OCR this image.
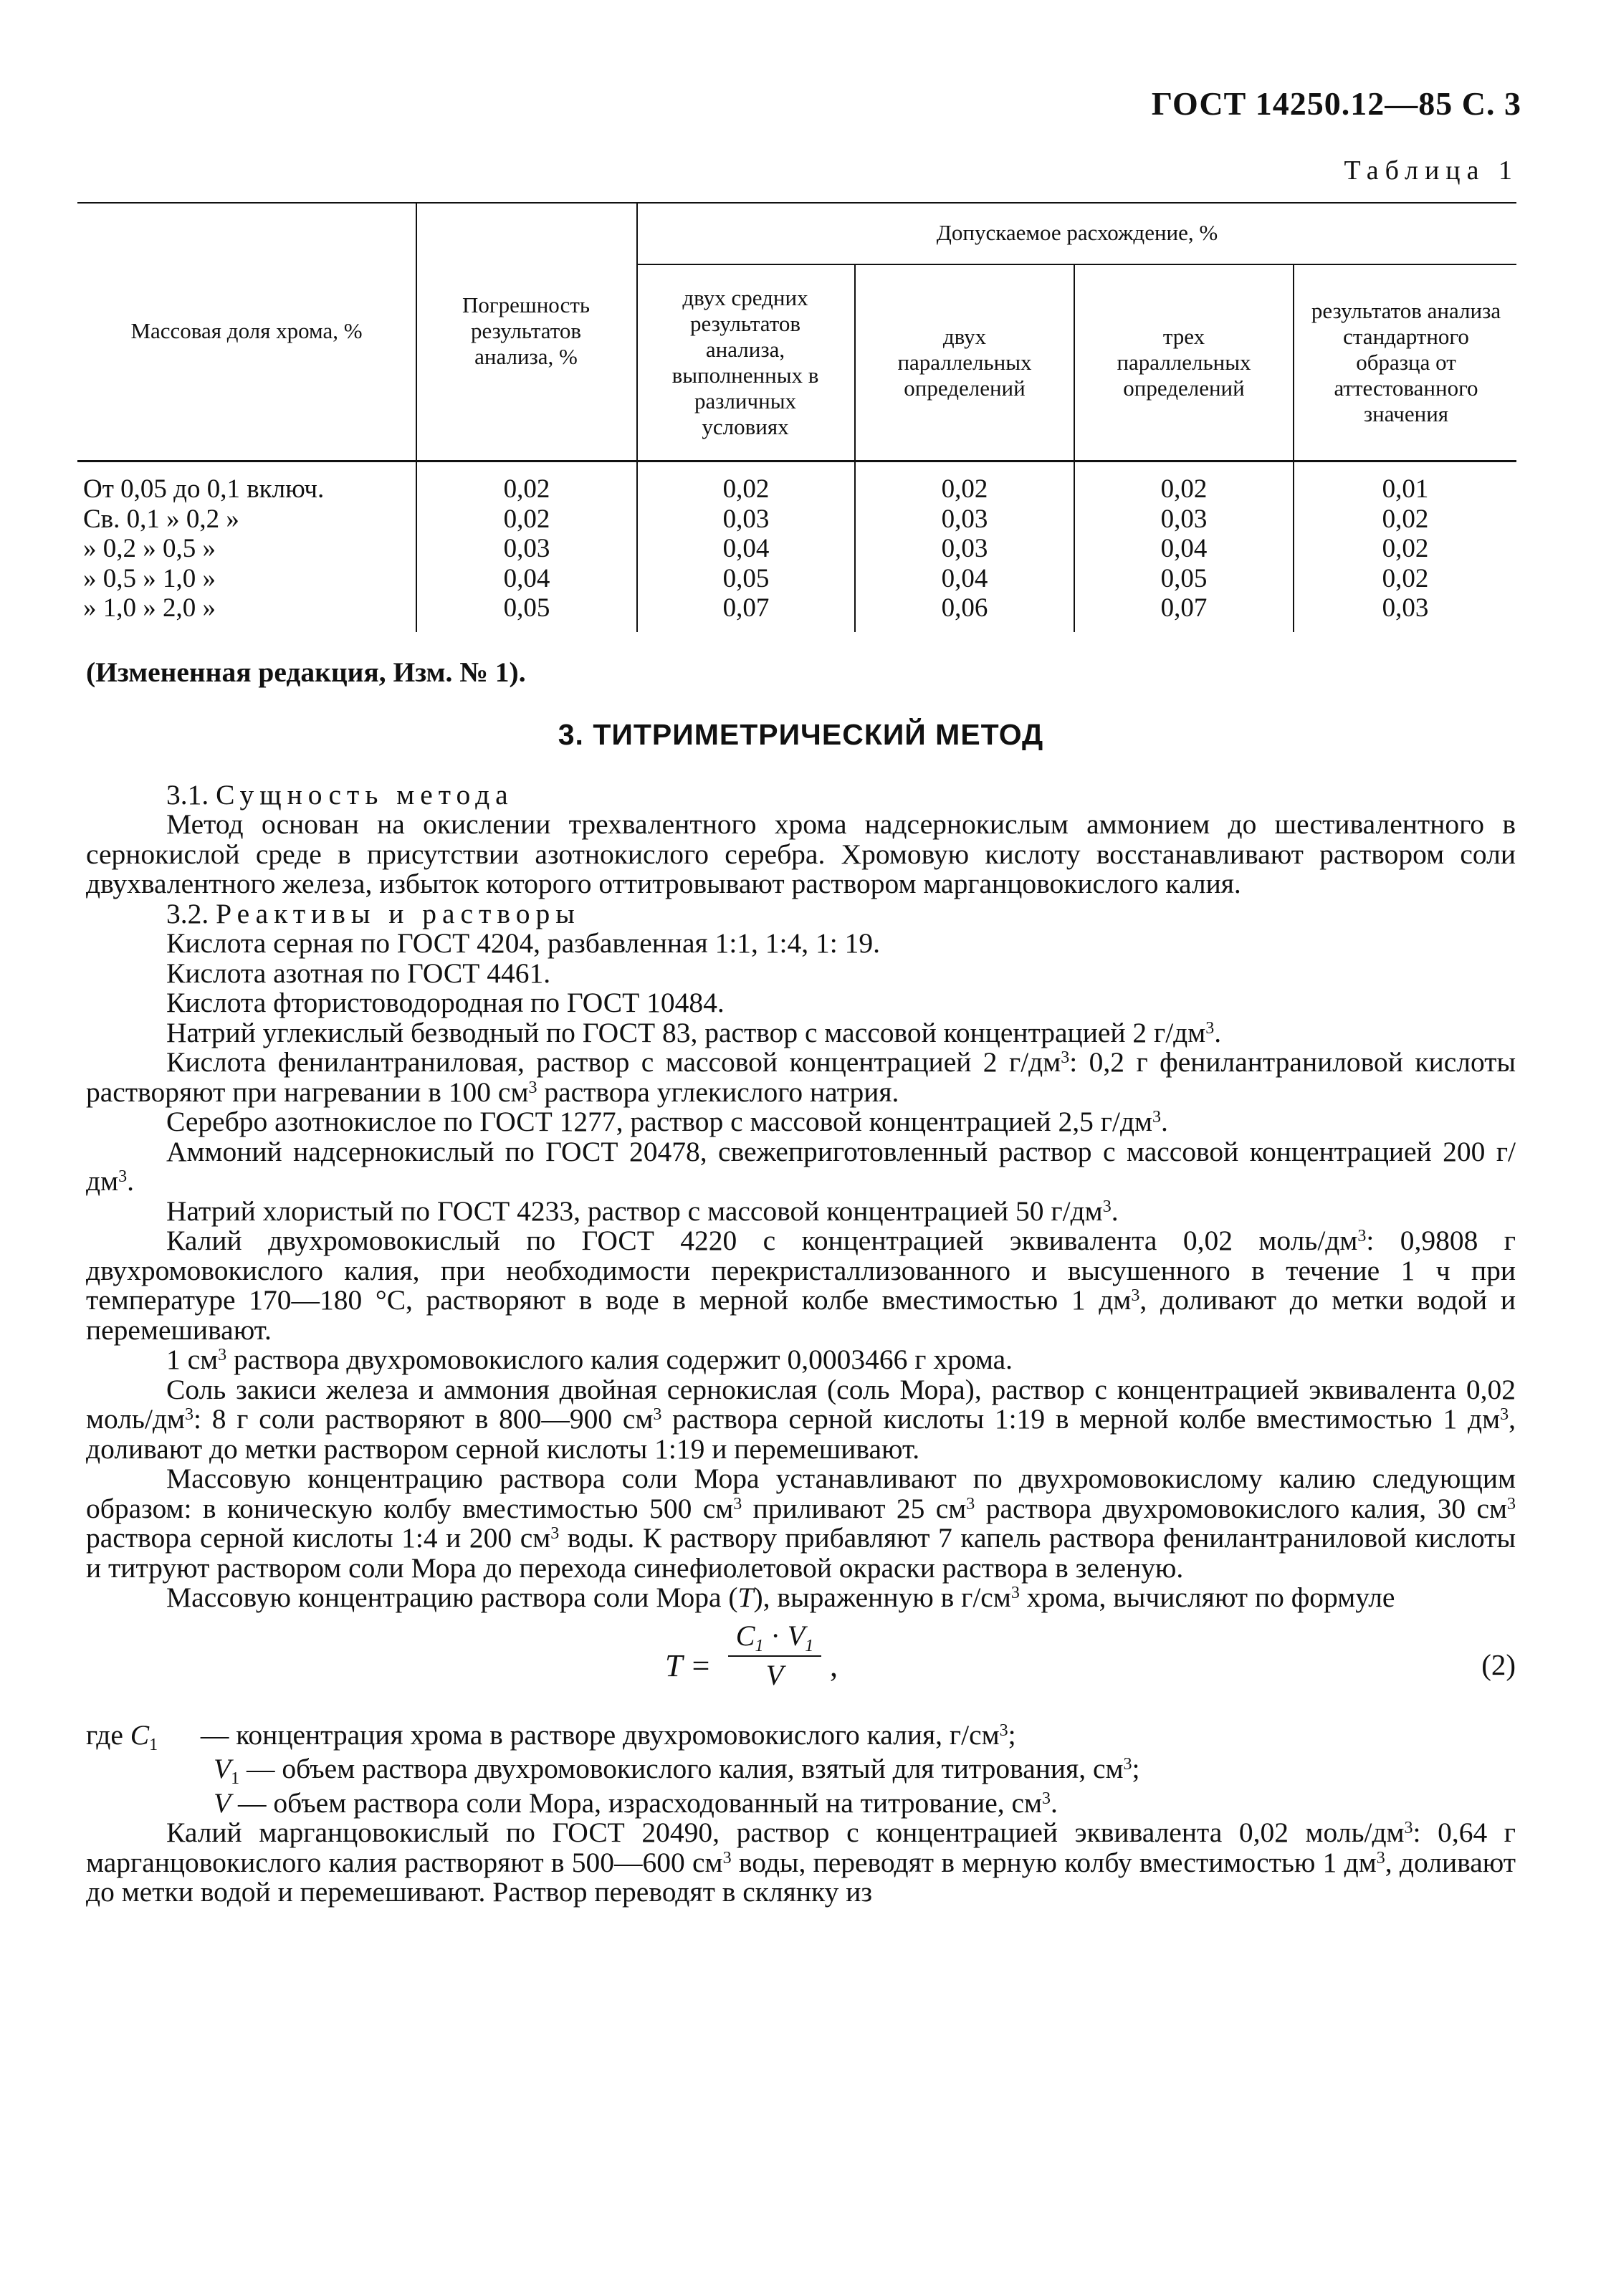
ГОСТ 14250.12—85 С. 3
Таблица 1
Допускаемое расхождение, %
Массовая доля хрома, %
Погрешность результатов анализа, %
двух средних результатов анализа, выполненных в различных условиях
двух параллельных определений
трех параллельных определений
результатов анализа стандартного образца от аттестованного значения
От 0,05 до 0,1 включ.	0,02	0,02	0,02	0,02	0,01
Св. 0,1 » 0,2 »	0,02	0,03	0,03	0,03	0,02
» 0,2 » 0,5 »	0,03	0,04	0,03	0,04	0,02
» 0,5 » 1,0 »	0,04	0,05	0,04	0,05	0,02
» 1,0 » 2,0 »	0,05	0,07	0,06	0,07	0,03

(Измененная редакция, Изм. № 1).

3. ТИТРИМЕТРИЧЕСКИЙ МЕТОД

3.1. Сущность метода

Метод основан на окислении трехвалентного хрома надсернокислым аммонием до шестивалентного в сернокислой среде в присутствии азотнокислого серебра. Хромовую кислоту восстанавливают раствором соли двухвалентного железа, избыток которого оттитровывают раствором марганцовокислого калия.

3.2. Реактивы и растворы

Кислота серная по ГОСТ 4204, разбавленная 1:1, 1:4, 1: 19.

Кислота азотная по ГОСТ 4461.

Кислота фтористоводородная по ГОСТ 10484.

Натрий углекислый безводный по ГОСТ 83, раствор с массовой концентрацией 2 $г/дм^3$.

Кислота фенилантраниловая, раствор с массовой концентрацией 2 $г/дм^3$: 0,2 г фенилантраниловой кислоты растворяют при нагревании в 100 $см^3$ раствора углекислого натрия.

Серебро азотнокислое по ГОСТ 1277, раствор с массовой концентрацией 2,5 $г/дм^3$.

Аммоний надсернокислый по ГОСТ 20478, свежеприготовленный раствор с массовой концентрацией 200 $г/дм^3$.

Натрий хлористый по ГОСТ 4233, раствор с массовой концентрацией 50 $г/дм^3$.

Калий двухромовокислый по ГОСТ 4220 с концентрацией эквивалента 0,02 моль/$дм^3$: 0,9808 г двухромовокислого калия, при необходимости перекристаллизованного и высушенного в течение 1 ч при температуре 170—180 °С, растворяют в воде в мерной колбе вместимостью 1 $дм^3$, доливают до метки водой и перемешивают.

1 $см^3$ раствора двухромовокислого калия содержит 0,0003466 г хрома.

Соль закиси железа и аммония двойная сернокислая (соль Мора), раствор с концентрацией эквивалента 0,02 моль/$дм^3$: 8 г соли растворяют в 800—900 $см^3$ раствора серной кислоты 1:19 в мерной колбе вместимостью 1 $дм^3$, доливают до метки раствором серной кислоты 1:19 и перемешивают.

Массовую концентрацию раствора соли Мора устанавливают по двухромовокислому калию следующим образом: в коническую колбу вместимостью 500 $см^3$ приливают 25 $см^3$ раствора двухромовокислого калия, 30 $см^3$ раствора серной кислоты 1:4 и 200 $см^3$ воды. К раствору прибавляют 7 капель раствора фенилантраниловой кислоты и титруют раствором соли Мора до перехода синефиолетовой окраски раствора в зеленую.

Массовую концентрацию раствора соли Мора (T), выраженную в $г/см^3$ хрома, вычисляют по формуле

$T = \frac{C_1 \cdot V_1}{V}$ ,	(2)

где $C_1$ — концентрация хрома в растворе двухромовокислого калия, $г/см^3$;

$V_1$ — объем раствора двухромовокислого калия, взятый для титрования, $см^3$;

V — объем раствора соли Мора, израсходованный на титрование, $см^3$.

Калий марганцовокислый по ГОСТ 20490, раствор с концентрацией эквивалента 0,02 моль/$дм^3$: 0,64 г марганцовокислого калия растворяют в 500—600 $см^3$ воды, переводят в мерную колбу вместимостью 1 $дм^3$, доливают до метки водой и перемешивают. Раствор переводят в склянку из
